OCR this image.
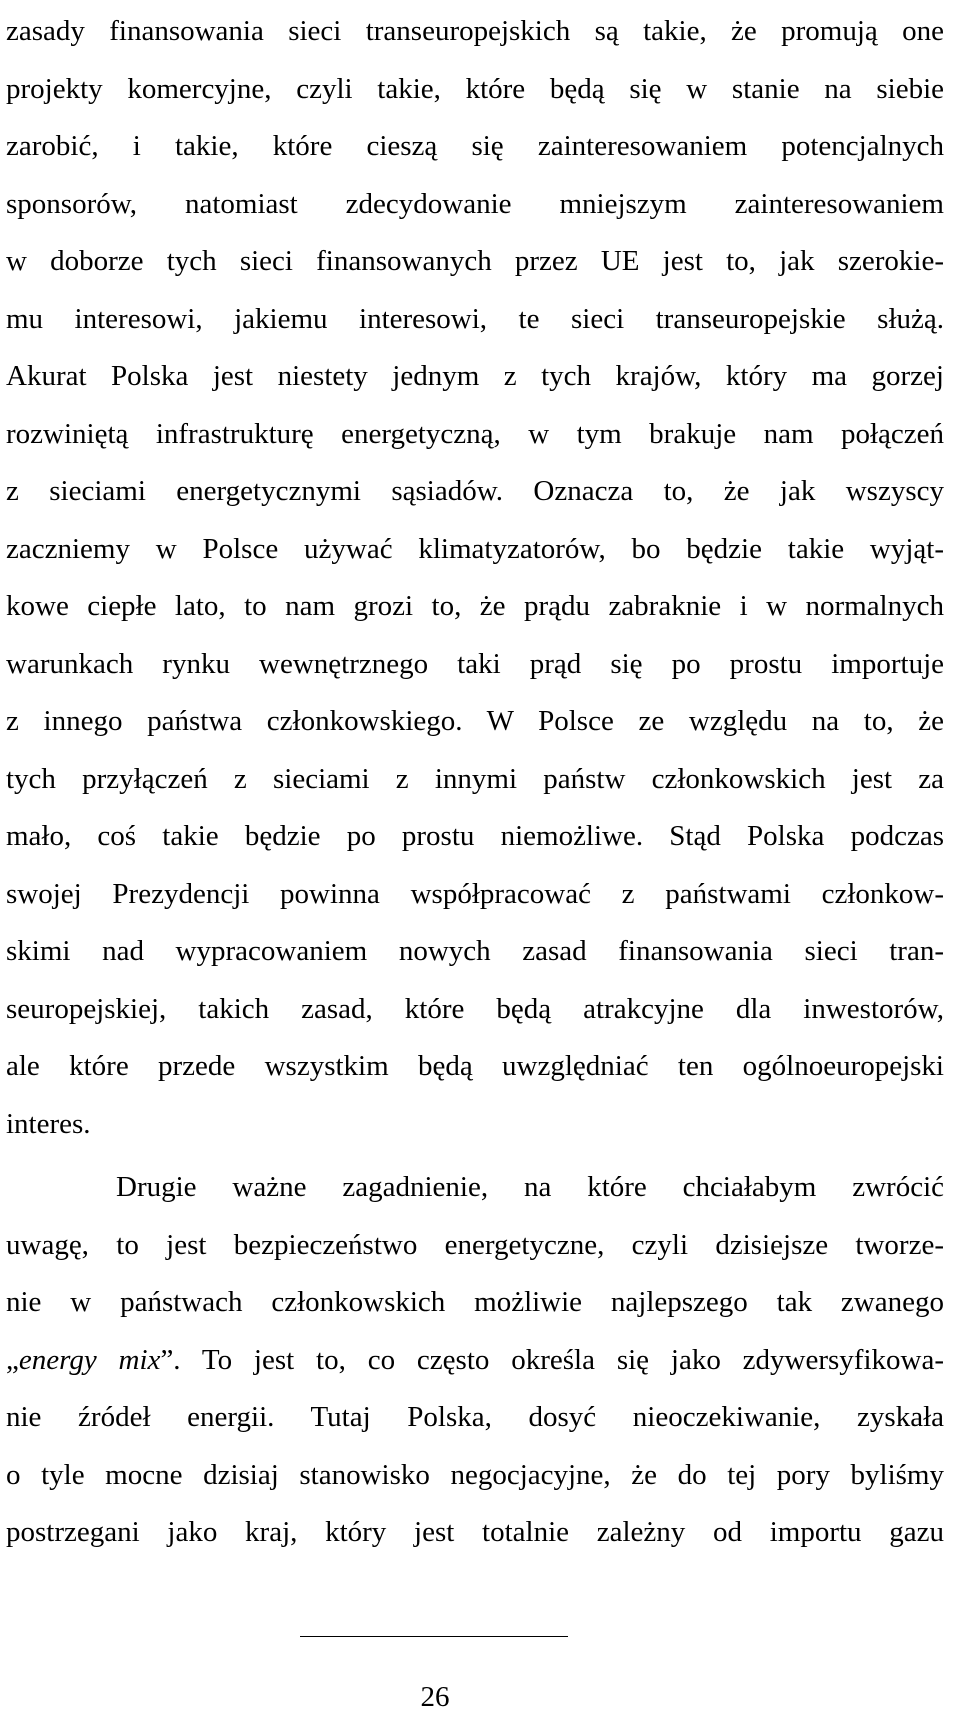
zasady finansowania sieci transeuropejskich są takie, że promują one
projekty komercyjne, czyli takie, które będą się w stanie na siebie
zarobić, i takie, które cieszą się zainteresowaniem potencjalnych
sponsorów, natomiast zdecydowanie mniejszym zainteresowaniem
w doborze tych sieci finansowanych przez UE jest to, jak szerokie-
mu interesowi, jakiemu interesowi, te sieci transeuropejskie służą.
Akurat Polska jest niestety jednym z tych krajów, który ma gorzej
rozwiniętą infrastrukturę energetyczną, w tym brakuje nam połączeń
z sieciami energetycznymi sąsiadów. Oznacza to, że jak wszyscy
zaczniemy w Polsce używać klimatyzatorów, bo będzie takie wyjąt-
kowe ciepłe lato, to nam grozi to, że prądu zabraknie i w normalnych
warunkach rynku wewnętrznego taki prąd się po prostu importuje
z innego państwa członkowskiego. W Polsce ze względu na to, że
tych przyłączeń z sieciami z innymi państw członkowskich jest za
mało, coś takie będzie po prostu niemożliwe. Stąd Polska podczas
swojej Prezydencji powinna współpracować z państwami członkow-
skimi nad wypracowaniem nowych zasad finansowania sieci tran-
seuropejskiej, takich zasad, które będą atrakcyjne dla inwestorów,
ale które przede wszystkim będą uwzględniać ten ogólnoeuropejski
interes.
Drugie ważne zagadnienie, na które chciałabym zwrócić
uwagę, to jest bezpieczeństwo energetyczne, czyli dzisiejsze tworze-
nie w państwach członkowskich możliwie najlepszego tak zwanego
„energy mix”. To jest to, co często określa się jako zdywersyfikowa-
nie źródeł energii. Tutaj Polska, dosyć nieoczekiwanie, zyskała
o tyle mocne dzisiaj stanowisko negocjacyjne, że do tej pory byliśmy
postrzegani jako kraj, który jest totalnie zależny od importu gazu
26
